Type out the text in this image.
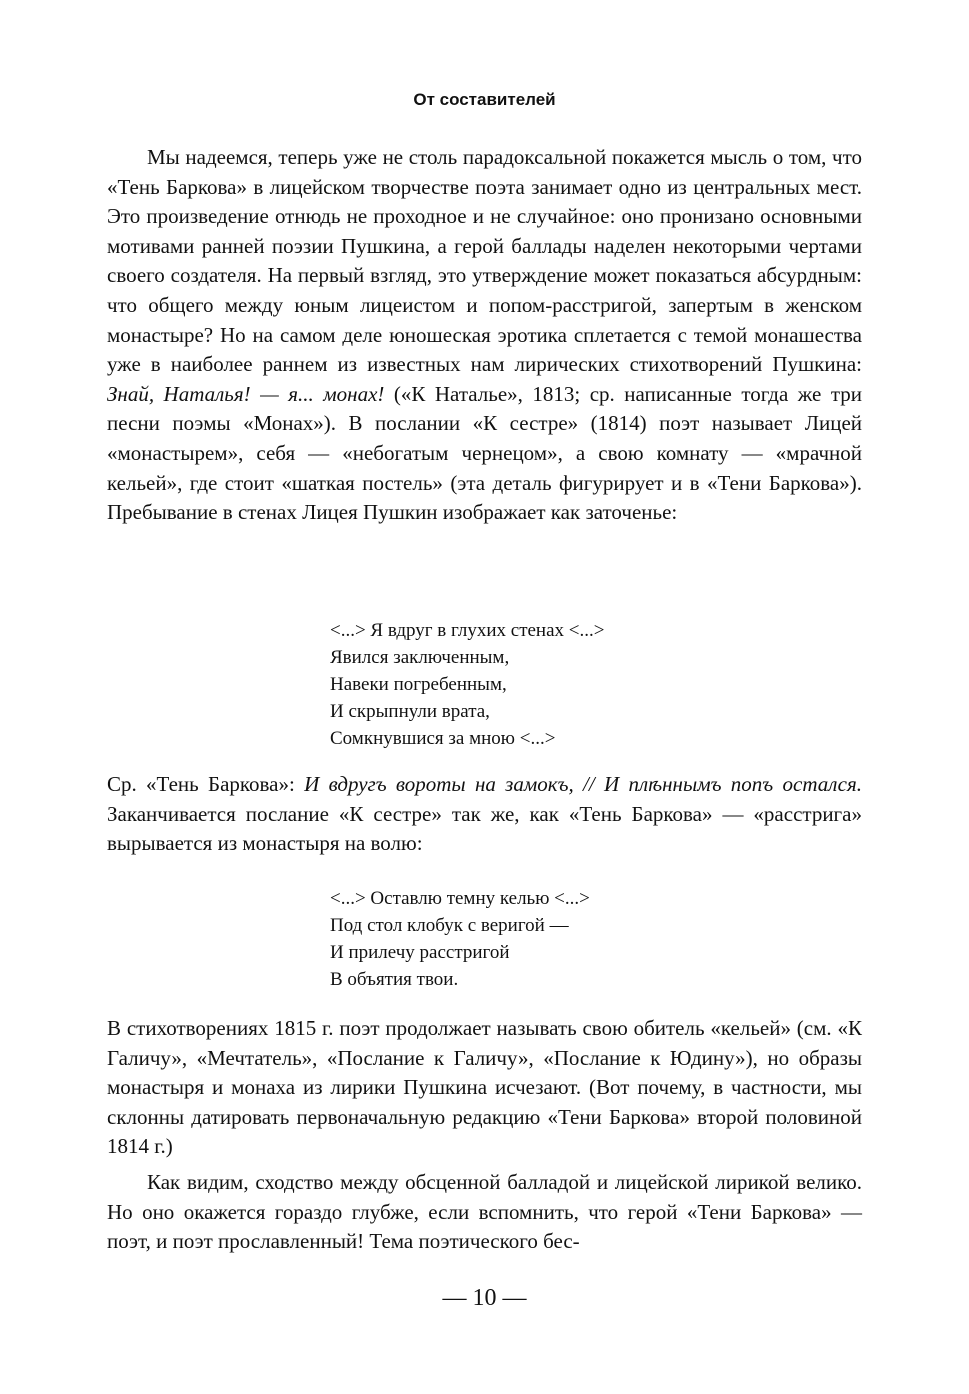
От составителей

Мы надеемся, теперь уже не столь парадоксальной покажется мысль о том, что «Тень Баркова» в лицейском творчестве поэта занимает одно из центральных мест. Это произведение отнюдь не проходное и не случайное: оно пронизано основными мотивами ранней поэзии Пушкина, а герой баллады наделен некоторыми чертами своего создателя. На первый взгляд, это утверждение может показаться абсурдным: что общего между юным лицеистом и попом-расстригой, запертым в женском монастыре? Но на самом деле юношеская эротика сплетается с темой монашества уже в наиболее раннем из известных нам лирических стихотворений Пушкина: Знай, Наталья! — я... монах! («К Наталье», 1813; ср. написанные тогда же три песни поэмы «Монах»). В послании «К сестре» (1814) поэт называет Лицей «монастырем», себя — «небогатым чернецом», а свою комнату — «мрачной кельей», где стоит «шаткая постель» (эта деталь фигурирует и в «Тени Баркова»). Пребывание в стенах Лицея Пушкин изображает как заточенье:

<...> Я вдруг в глухих стенах <...>
Явился заключенным,
Навеки погребенным,
И скрыпнули врата,
Сомкнувшися за мною <...>

Ср. «Тень Баркова»: И вдругъ вороты на замокъ, // И плѣннымъ попъ остался. Заканчивается послание «К сестре» так же, как «Тень Баркова» — «расстрига» вырывается из монастыря на волю:

<...> Оставлю темну келью <...>
Под стол клобук с веригой —
И прилечу расстригой
В объятия твои.

В стихотворениях 1815 г. поэт продолжает называть свою обитель «кельей» (см. «К Галичу», «Мечтатель», «Послание к Галичу», «Послание к Юдину»), но образы монастыря и монаха из лирики Пушкина исчезают. (Вот почему, в частности, мы склонны датировать первоначальную редакцию «Тени Баркова» второй половиной 1814 г.)

Как видим, сходство между обсценной балладой и лицейской лирикой велико. Но оно окажется гораздо глубже, если вспомнить, что герой «Тени Баркова» — поэт, и поэт прославленный! Тема поэтического бес-

— 10 —
